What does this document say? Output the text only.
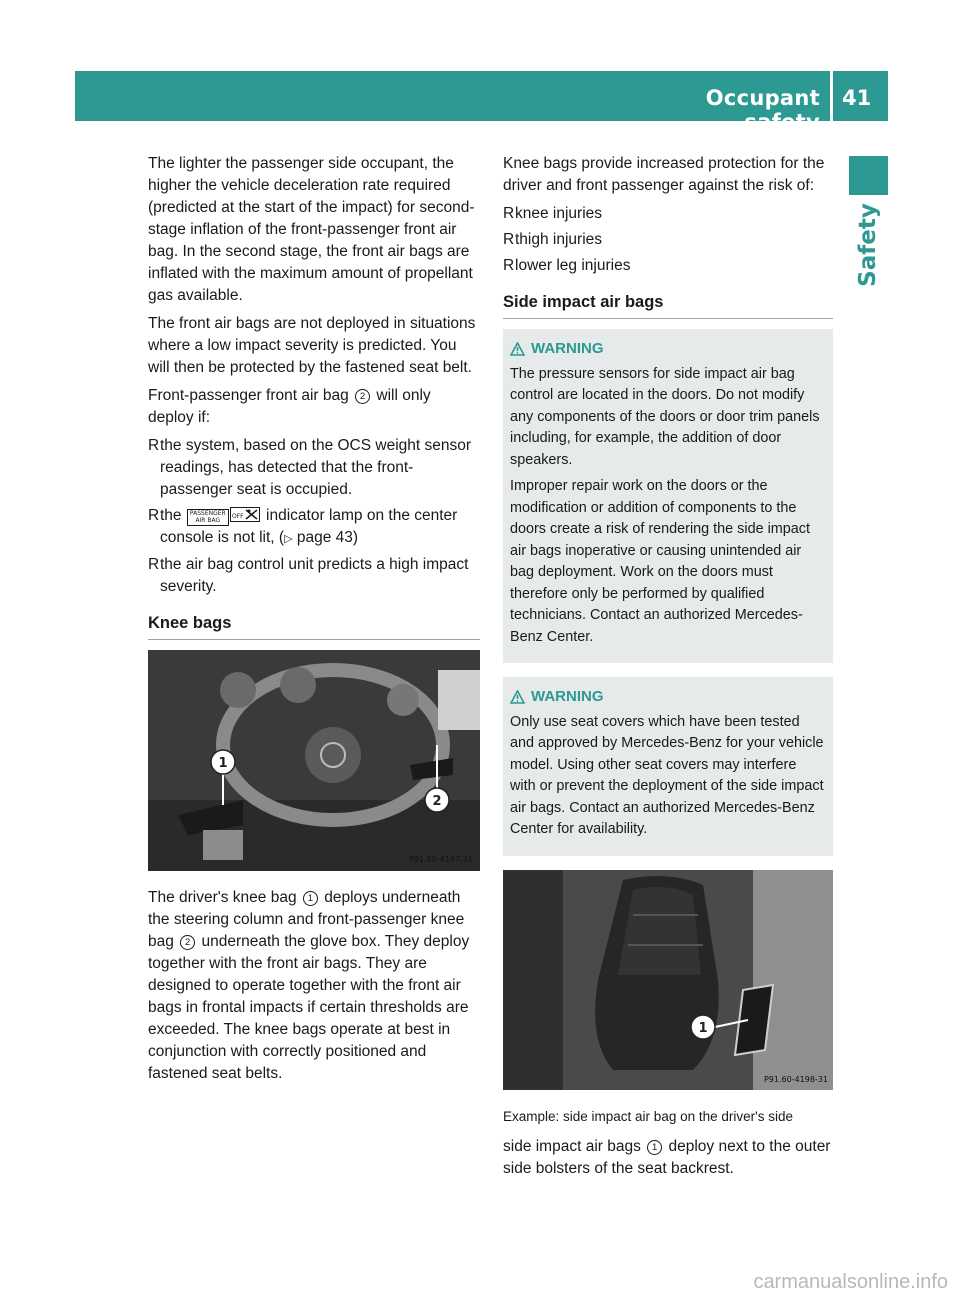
Occupant safety
41
Safety

The lighter the passenger side occupant, the higher the vehicle deceleration rate required (predicted at the start of the impact) for second-stage inflation of the front-passenger front air bag. In the second stage, the front air bags are inflated with the maximum amount of propellant gas available.

The front air bags are not deployed in situations where a low impact severity is predicted. You will then be protected by the fastened seat belt.

Front-passenger front air bag 2 will only deploy if:

R the system, based on the OCS weight sensor readings, has detected that the front-passenger seat is occupied.
R the PASSENGER
AIR BAG
OFF indicator lamp on the center console is not lit, (▷ page 43)
R the air bag control unit predicts a high impact severity.
Knee bags
1
2
P91.60-4197-31

The driver's knee bag 1 deploys underneath the steering column and front-passenger knee bag 2 underneath the glove box. They deploy together with the front air bags. They are designed to operate together with the front air bags in frontal impacts if certain thresholds are exceeded. The knee bags operate at best in conjunction with correctly positioned and fastened seat belts.

Knee bags provide increased protection for the driver and front passenger against the risk of:

R knee injuries
R thigh injuries
R lower leg injuries
Side impact air bags
WARNING

The pressure sensors for side impact air bag control are located in the doors. Do not modify any components of the doors or door trim panels including, for example, the addition of door speakers.

Improper repair work on the doors or the modification or addition of components to the doors create a risk of rendering the side impact air bags inoperative or causing unintended air bag deployment. Work on the doors must therefore only be performed by qualified technicians. Contact an authorized Mercedes-Benz Center.

WARNING

Only use seat covers which have been tested and approved by Mercedes-Benz for your vehicle model. Using other seat covers may interfere with or prevent the deployment of the side impact air bags. Contact an authorized Mercedes-Benz Center for availability.

1
P91.60-4198-31

Example: side impact air bag on the driver's side

side impact air bags 1 deploy next to the outer side bolsters of the seat backrest.

carmanualsonline.info
